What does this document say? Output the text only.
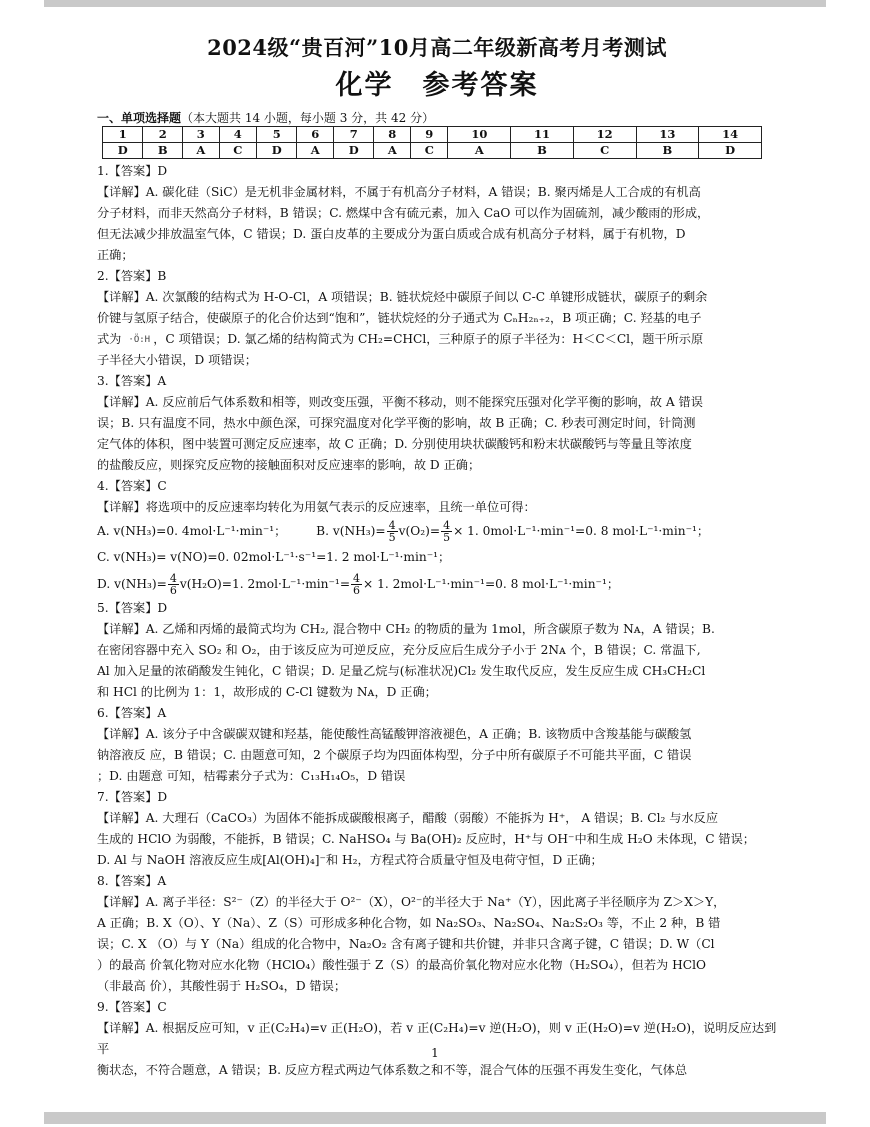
2024级“贵百河”10月高二年级新高考月考测试
化学　参考答案
一、单项选择题（本大题共 14 小题，每小题 3 分，共 42 分）
1	2	3	4	5	6	7	8	9	10	11	12	13	14
D	B	A	C	D	A	D	A	C	A	B	C	B	D

1.【答案】D

【详解】A. 碳化硅（SiC）是无机非金属材料，不属于有机高分子材料，A 错误；B. 聚丙烯是人工合成的有机高

分子材料，而非天然高分子材料，B 错误；C. 燃煤中含有硫元素，加入 CaO 可以作为固硫剂，减少酸雨的形成，

但无法减少排放温室气体，C 错误；D. 蛋白皮革的主要成分为蛋白质或合成有机高分子材料，属于有机物，D

正确；

2.【答案】B

【详解】A. 次氯酸的结构式为 H-O-Cl，A 项错误；B. 链状烷烃中碳原子间以 C-C 单键形成链状，碳原子的剩余

价键与氢原子结合，使碳原子的化合价达到“饱和”，链状烷烃的分子通式为 CₙH₂ₙ₊₂，B 项正确；C. 羟基的电子

式为 ·Ö:H ，C 项错误；D. 氯乙烯的结构简式为 CH₂=CHCl，三种原子的原子半径为：H＜C＜Cl，题干所示原

子半径大小错误，D 项错误；

3.【答案】A

【详解】A. 反应前后气体系数和相等，则改变压强，平衡不移动，则不能探究压强对化学平衡的影响，故 A 错误

误；B. 只有温度不同，热水中颜色深，可探究温度对化学平衡的影响，故 B 正确；C. 秒表可测定时间，针筒测

定气体的体积，图中装置可测定反应速率，故 C 正确；D. 分别使用块状碳酸钙和粉末状碳酸钙与等量且等浓度

的盐酸反应，则探究反应物的接触面积对反应速率的影响，故 D 正确；

4.【答案】C

【详解】将选项中的反应速率均转化为用氨气表示的反应速率，且统一单位可得：

A. v(NH₃)=0. 4mol·L⁻¹·min⁻¹； B. $v(NH_3)= \frac{4}{5} v(O_2)= \frac{4}{5} \times 1$. 0mol·L⁻¹·min⁻¹=0. 8 mol·L⁻¹·min⁻¹；

C. v(NH₃)= v(NO)=0. 02mol·L⁻¹·s⁻¹=1. 2 mol·L⁻¹·min⁻¹；

D. $v(NH_3)= \frac{4}{6} v(H_2O)=1$. $2mol\cdot L^{-1}\cdot\min^{-1}= \frac{4}{6} \times 1$. 2mol·L⁻¹·min⁻¹=0. 8 mol·L⁻¹·min⁻¹；

5.【答案】D

【详解】A. 乙烯和丙烯的最简式均为 CH₂, 混合物中 CH₂ 的物质的量为 1mol，所含碳原子数为 Nᴀ，A 错误；B.

在密闭容器中充入 SO₂ 和 O₂，由于该反应为可逆反应，充分反应后生成分子小于 2Nᴀ 个，B 错误；C. 常温下,

Al 加入足量的浓硝酸发生钝化，C 错误；D. 足量乙烷与(标准状况)Cl₂ 发生取代反应，发生反应生成 CH₃CH₂Cl

和 HCl 的比例为 1：1，故形成的 C-Cl 键数为 Nᴀ，D 正确；

6.【答案】A

【详解】A. 该分子中含碳碳双键和羟基，能使酸性高锰酸钾溶液褪色，A 正确；B. 该物质中含羧基能与碳酸氢

钠溶液反 应，B 错误；C. 由题意可知，2 个碳原子均为四面体构型，分子中所有碳原子不可能共平面，C 错误

；D. 由题意 可知，桔霉素分子式为：C₁₃H₁₄O₅，D 错误

7.【答案】D

【详解】A. 大理石（CaCO₃）为固体不能拆成碳酸根离子，醋酸（弱酸）不能拆为 H⁺， A 错误；B. Cl₂ 与水反应

生成的 HClO 为弱酸，不能拆，B 错误；C. NaHSO₄ 与 Ba(OH)₂ 反应时，H⁺与 OH⁻中和生成 H₂O 未体现，C 错误；

D. Al 与 NaOH 溶液反应生成[Al(OH)₄]⁻和 H₂，方程式符合质量守恒及电荷守恒，D 正确；

8.【答案】A

【详解】A. 离子半径：S²⁻（Z）的半径大于 O²⁻（X），O²⁻的半径大于 Na⁺（Y），因此离子半径顺序为 Z＞X＞Y，

A 正确；B. X（O）、Y（Na）、Z（S）可形成多种化合物，如 Na₂SO₃、Na₂SO₄、Na₂S₂O₃ 等，不止 2 种，B 错

误；C. X （O）与 Y（Na）组成的化合物中，Na₂O₂ 含有离子键和共价键，并非只含离子键，C 错误；D. W（Cl

）的最高 价氧化物对应水化物（HClO₄）酸性强于 Z（S）的最高价氧化物对应水化物（H₂SO₄），但若为 HClO

（非最高 价），其酸性弱于 H₂SO₄，D 错误；

9.【答案】C

【详解】A. 根据反应可知，v 正(C₂H₄)=v 正(H₂O)，若 v 正(C₂H₄)=v 逆(H₂O)，则 v 正(H₂O)=v 逆(H₂O)，说明反应达到平

衡状态，不符合题意，A 错误；B. 反应方程式两边气体系数之和不等，混合气体的压强不再发生变化，气体总

1
